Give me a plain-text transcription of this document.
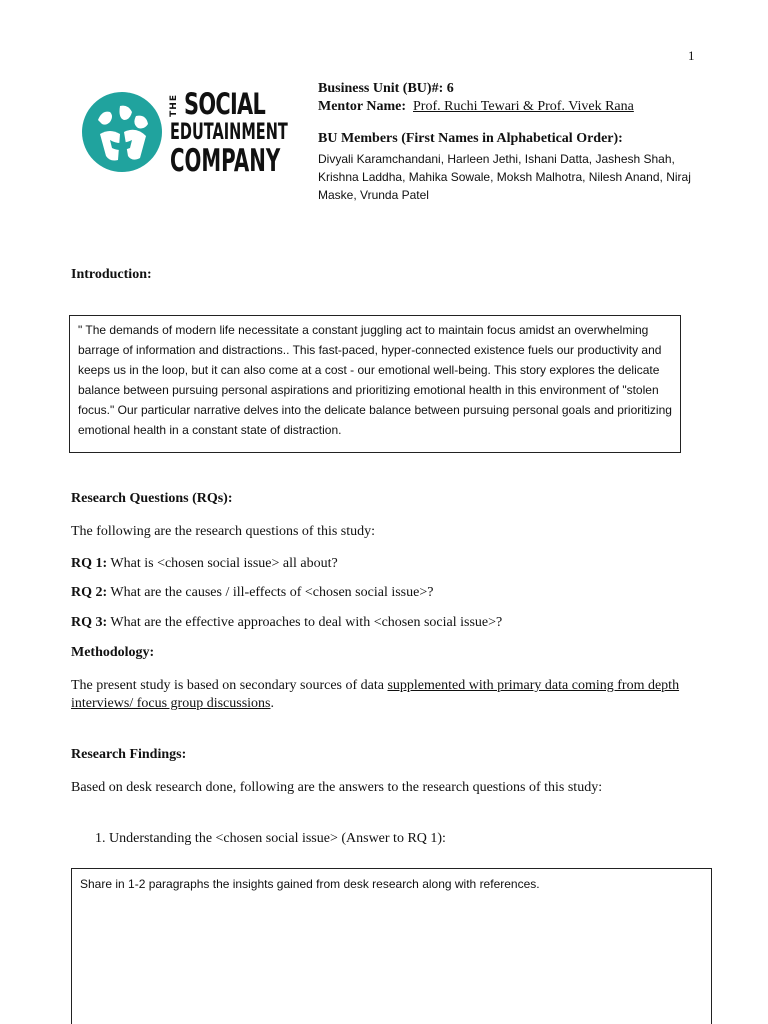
1
THE SOCIAL
EDUTAINMENT
COMPANY

Business Unit (BU)#: 6

Mentor Name: Prof. Ruchi Tewari & Prof. Vivek Rana

BU Members (First Names in Alphabetical Order):

Divyali Karamchandani, Harleen Jethi, Ishani Datta, Jashesh Shah, Krishna Laddha, Mahika Sowale, Moksh Malhotra, Nilesh Anand, Niraj Maske, Vrunda Patel

Introduction:
" The demands of modern life necessitate a constant juggling act to maintain focus amidst an overwhelming barrage of information and distractions.. This fast-paced, hyper-connected existence fuels our productivity and keeps us in the loop, but it can also come at a cost - our emotional well-being. This story explores the delicate balance between pursuing personal aspirations and prioritizing emotional health in this environment of "stolen focus." Our particular narrative delves into the delicate balance between pursuing personal goals and prioritizing emotional health in a constant state of distraction.
Research Questions (RQs):
The following are the research questions of this study:
RQ 1: What is <chosen social issue> all about?
RQ 2: What are the causes / ill-effects of <chosen social issue>?
RQ 3: What are the effective approaches to deal with <chosen social issue>?
Methodology:
The present study is based on secondary sources of data supplemented with primary data coming from depth interviews/ focus group discussions.
Research Findings:
Based on desk research done, following are the answers to the research questions of this study:
1. Understanding the <chosen social issue> (Answer to RQ 1):
Share in 1-2 paragraphs the insights gained from desk research along with references.
